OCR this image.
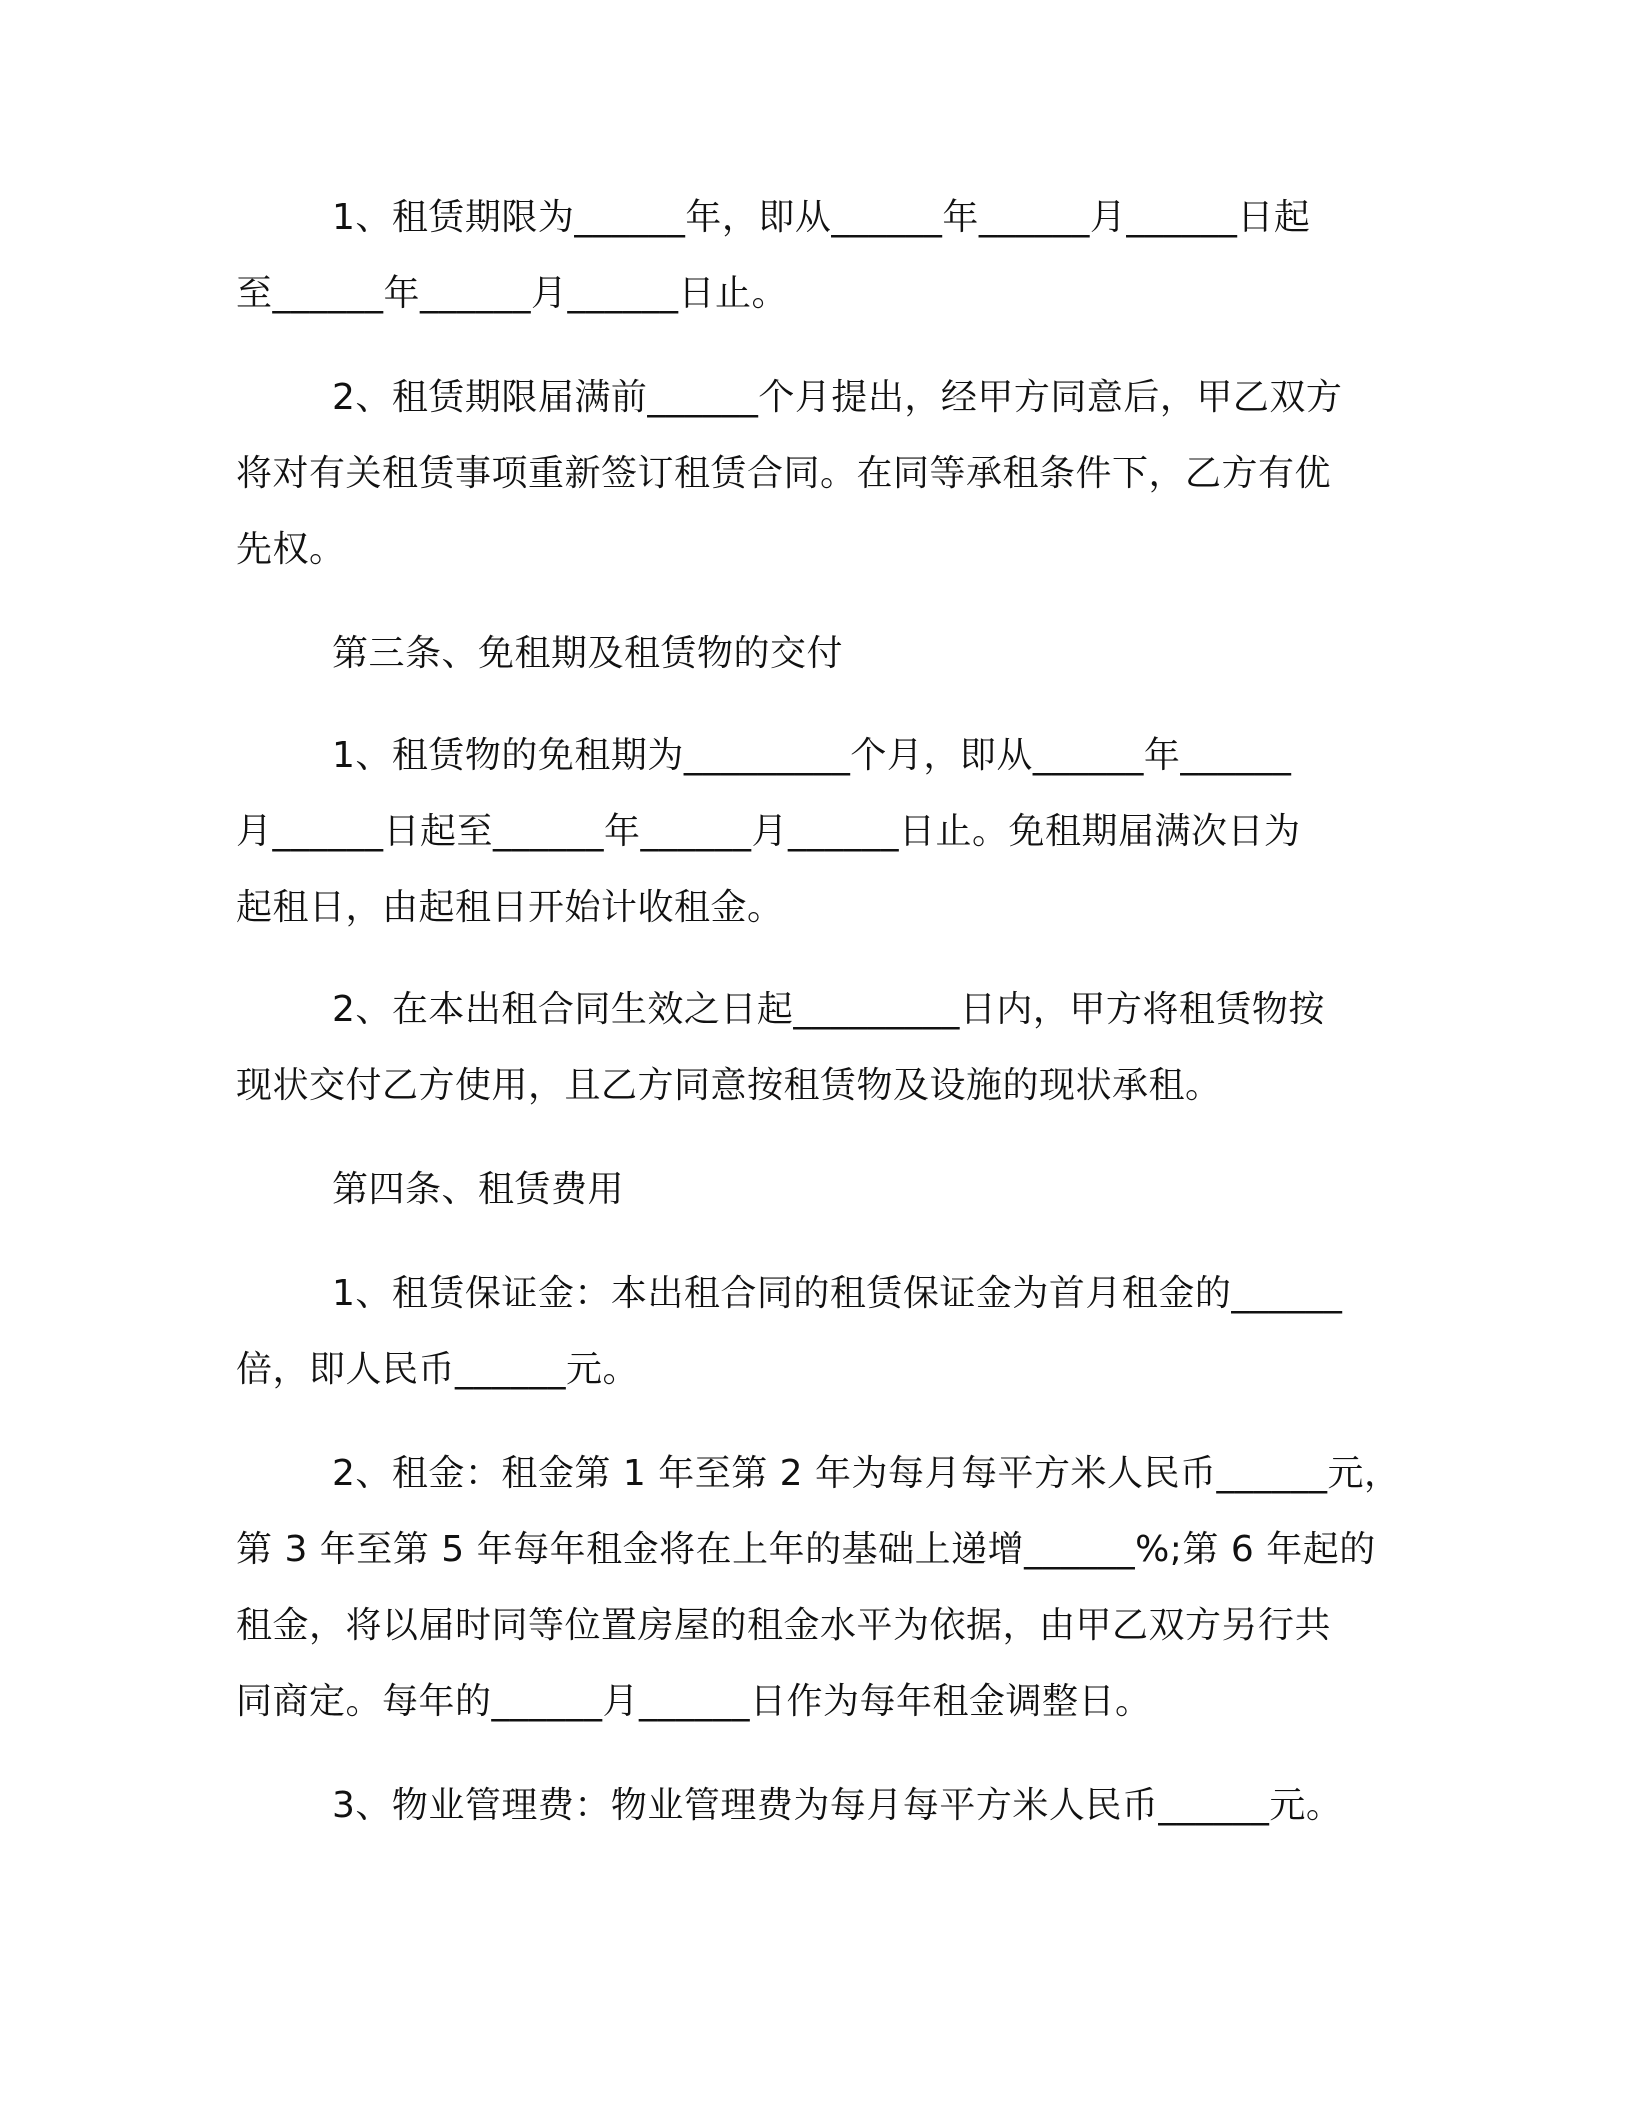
1、租赁期限为______年，即从______年______月______日起
至______年______月______日止。
2、租赁期限届满前______个月提出，经甲方同意后，甲乙双方
将对有关租赁事项重新签订租赁合同。在同等承租条件下，乙方有优
先权。
第三条、免租期及租赁物的交付
1、租赁物的免租期为_________个月，即从______年______
月______日起至______年______月______日止。免租期届满次日为
起租日，由起租日开始计收租金。
2、在本出租合同生效之日起_________日内，甲方将租赁物按
现状交付乙方使用，且乙方同意按租赁物及设施的现状承租。
第四条、租赁费用
1、租赁保证金：本出租合同的租赁保证金为首月租金的______
倍，即人民币______元。
2、租金：租金第 1 年至第 2 年为每月每平方米人民币______元，
第 3 年至第 5 年每年租金将在上年的基础上递增______%;第 6 年起的
租金，将以届时同等位置房屋的租金水平为依据，由甲乙双方另行共
同商定。每年的______月______日作为每年租金调整日。
3、物业管理费：物业管理费为每月每平方米人民币______元。
